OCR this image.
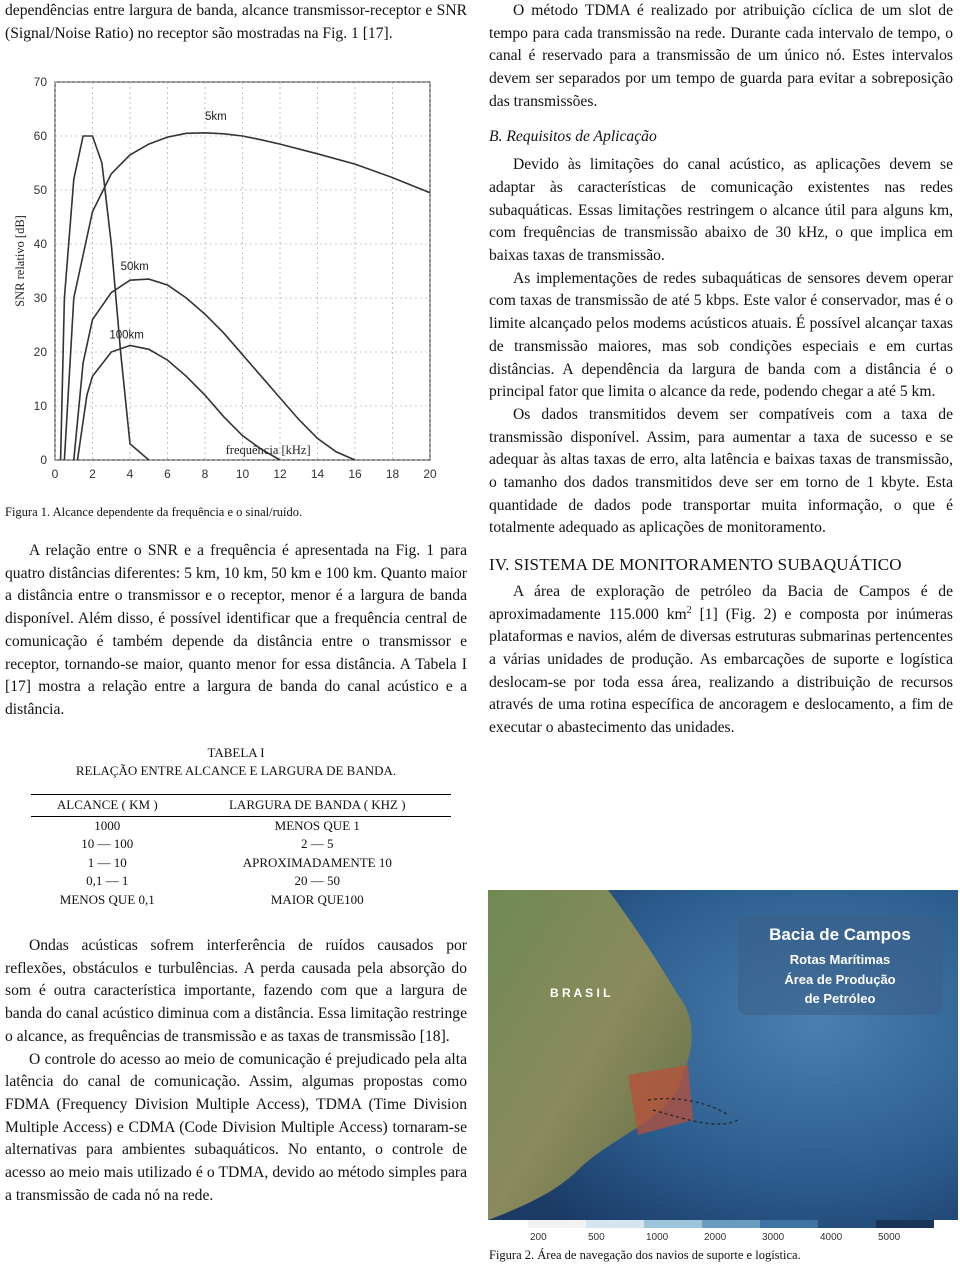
dependências entre largura de banda, alcance transmissor-receptor e SNR (Signal/Noise Ratio) no receptor são mostradas na Fig. 1 [17].

0	2	4	6	8 10 12 14 16 18 20
0
10
20
30
40
50
60
70
frequência [kHz]
SNR relativo [dB]
5km
50km
100km
Figura 1. Alcance dependente da frequência e o sinal/ruído.

A relação entre o SNR e a frequência é apresentada na Fig. 1 para quatro distâncias diferentes: 5 km, 10 km, 50 km e 100 km. Quanto maior a distância entre o transmissor e o receptor, menor é a largura de banda disponível. Além disso, é possível identificar que a frequência central de comunicação é também depende da distância entre o transmissor e receptor, tornando-se maior, quanto menor for essa distância. A Tabela I [17] mostra a relação entre a largura de banda do canal acústico e a distância.

TABELA I
RELAÇÃO ENTRE ALCANCE E LARGURA DE BANDA.
ALCANCE ( KM )	LARGURA DE BANDA ( KHZ )
1000	MENOS QUE 1
10 — 100	2 — 5
1 — 10	APROXIMADAMENTE 10
0,1 — 1	20 — 50
MENOS QUE 0,1	MAIOR QUE100

Ondas acústicas sofrem interferência de ruídos causados por reflexões, obstáculos e turbulências. A perda causada pela absorção do som é outra característica importante, fazendo com que a largura de banda do canal acústico diminua com a distância. Essa limitação restringe o alcance, as frequências de transmissão e as taxas de transmissão [18].

O controle do acesso ao meio de comunicação é prejudicado pela alta latência do canal de comunicação. Assim, algumas propostas como FDMA (Frequency Division Multiple Access), TDMA (Time Division Multiple Access) e CDMA (Code Division Multiple Access) tornaram-se alternativas para ambientes subaquáticos. No entanto, o controle de acesso ao meio mais utilizado é o TDMA, devido ao método simples para a transmissão de cada nó na rede.

O método TDMA é realizado por atribuição cíclica de um slot de tempo para cada transmissão na rede. Durante cada intervalo de tempo, o canal é reservado para a transmissão de um único nó. Estes intervalos devem ser separados por um tempo de guarda para evitar a sobreposição das transmissões.

B. Requisitos de Aplicação

Devido às limitações do canal acústico, as aplicações devem se adaptar às características de comunicação existentes nas redes subaquáticas. Essas limitações restringem o alcance útil para alguns km, com frequências de transmissão abaixo de 30 kHz, o que implica em baixas taxas de transmissão.

As implementações de redes subaquáticas de sensores devem operar com taxas de transmissão de até 5 kbps. Este valor é conservador, mas é o limite alcançado pelos modems acústicos atuais. É possível alcançar taxas de transmissão maiores, mas sob condições especiais e em curtas distâncias. A dependência da largura de banda com a distância é o principal fator que limita o alcance da rede, podendo chegar a até 5 km.

Os dados transmitidos devem ser compatíveis com a taxa de transmissão disponível. Assim, para aumentar a taxa de sucesso e se adequar às altas taxas de erro, alta latência e baixas taxas de transmissão, o tamanho dos dados transmitidos deve ser em torno de 1 kbyte. Esta quantidade de dados pode transportar muita informação, o que é totalmente adequado as aplicações de monitoramento.

IV. SISTEMA DE MONITORAMENTO SUBAQUÁTICO

A área de exploração de petróleo da Bacia de Campos é de aproximadamente 115.000 $km^2$ [1] (Fig. 2) e composta por inúmeras plataformas e navios, além de diversas estruturas submarinas pertencentes a várias unidades de produção. As embarcações de suporte e logística deslocam-se por toda essa área, realizando a distribuição de recursos através de uma rotina específica de ancoragem e deslocamento, a fim de executar o abastecimento das unidades.

Bacia de Campos
Rotas Marítimas
Área de Produção
de Petróleo
B R A S I L
200	500	1000	2000	3000	4000	5000
Figura 2. Área de navegação dos navios de suporte e logística.
